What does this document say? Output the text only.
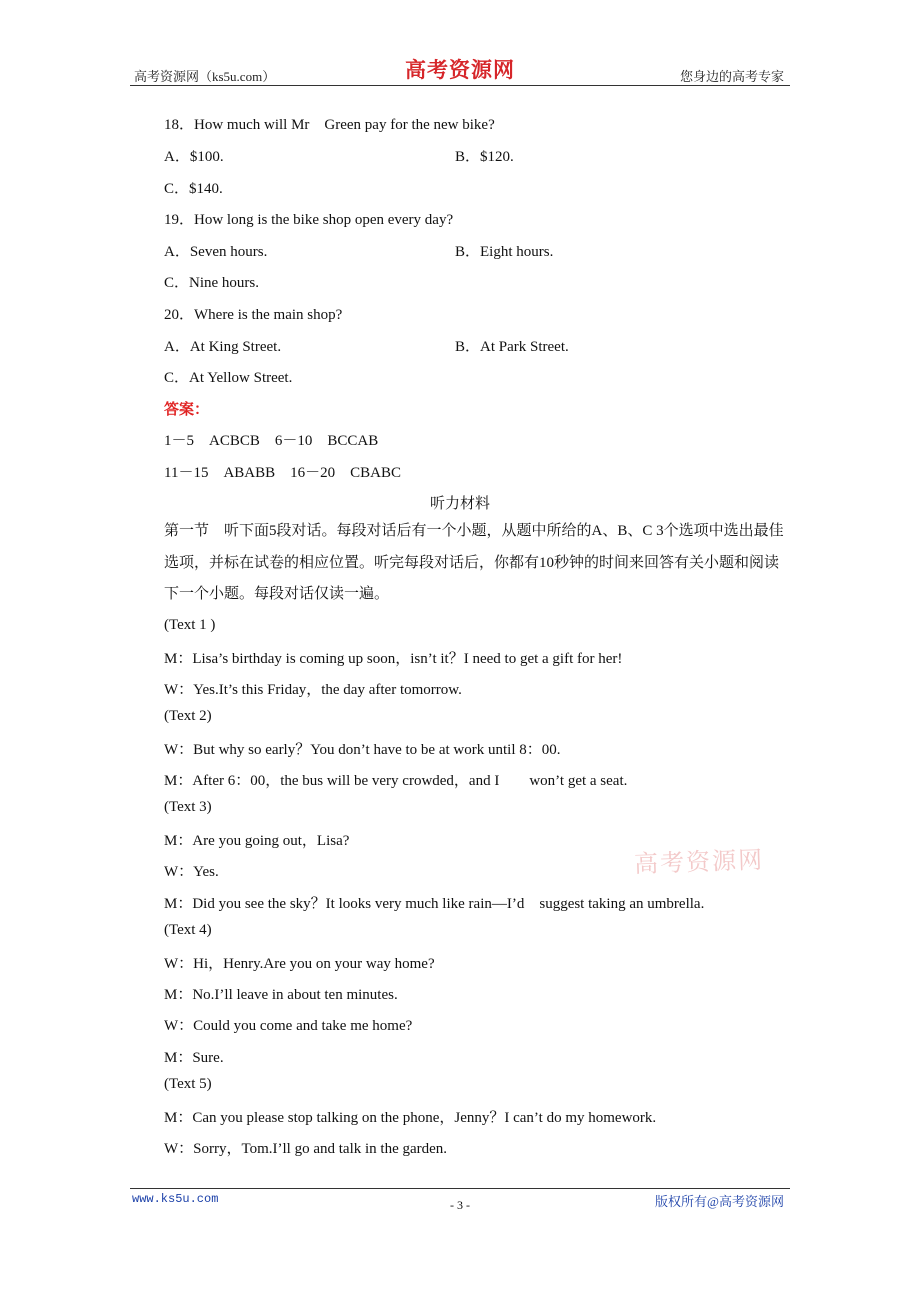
高考资源网（ks5u.com）	高考资源网	您身边的高考专家
18．How much will Mr　Green pay for the new bike?
A．$100.	B．$120.
C．$140.
19．How long is the bike shop open every day?
A．Seven hours.	B．Eight hours.
C．Nine hours.
20．Where is the main shop?
A．At King Street.	B．At Park Street.
C．At Yellow Street.
答案：
1－5　ACBCB　6－10　BCCAB
11－15　ABABB　16－20　CBABC
听力材料
第一节　听下面5段对话。每段对话后有一个小题，从题中所给的A、B、C 3个选项中选出最佳选项，并标在试卷的相应位置。听完每段对话后，你都有10秒钟的时间来回答有关小题和阅读下一个小题。每段对话仅读一遍。
(Text 1 )
M：Lisa’s birthday is coming up soon，isn’t it？I need to get a gift for her!
W：Yes.It’s this Friday，the day after tomorrow.
(Text 2)
W：But why so early？You don’t have to be at work until 8：00.
M：After 6：00，the bus will be very crowded，and I　　won’t get a seat.
(Text 3)
M：Are you going out，Lisa?
W：Yes.
M：Did you see the sky？It looks very much like rain—I’d　suggest taking an umbrella.
(Text 4)
W：Hi，Henry.Are you on your way home?
M：No.I’ll leave in about ten minutes.
W：Could you come and take me home?
M：Sure.
(Text 5)
M：Can you please stop talking on the phone，Jenny？I can’t do my homework.
W：Sorry，Tom.I’ll go and talk in the garden.
高考资源网
www.ks5u.com	- 3 -	版权所有@高考资源网
